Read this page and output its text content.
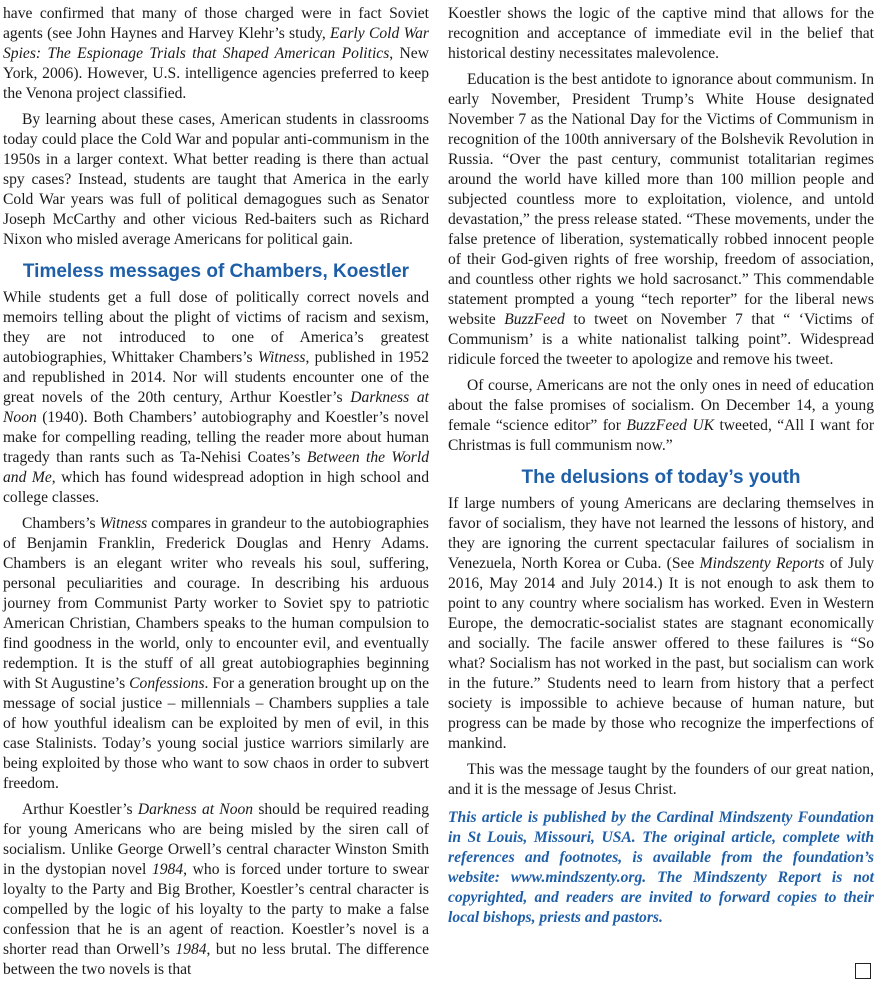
have confirmed that many of those charged were in fact Soviet agents (see John Haynes and Harvey Klehr’s study, Early Cold War Spies: The Espionage Trials that Shaped American Politics, New York, 2006). However, U.S. intelligence agencies preferred to keep the Venona project classified.

By learning about these cases, American students in classrooms today could place the Cold War and popular anti-communism in the 1950s in a larger context. What better reading is there than actual spy cases? Instead, students are taught that America in the early Cold War years was full of political demagogues such as Senator Joseph McCarthy and other vicious Red-baiters such as Richard Nixon who misled average Americans for political gain.

Timeless messages of Chambers, Koestler

While students get a full dose of politically correct novels and memoirs telling about the plight of victims of racism and sexism, they are not introduced to one of America’s greatest autobiographies, Whittaker Chambers’s Witness, published in 1952 and republished in 2014. Nor will students encounter one of the great novels of the 20th century, Arthur Koestler’s Darkness at Noon (1940). Both Chambers’ autobiography and Koestler’s novel make for compelling reading, telling the reader more about human tragedy than rants such as Ta-Nehisi Coates’s Between the World and Me, which has found widespread adoption in high school and college classes.

Chambers’s Witness compares in grandeur to the autobiographies of Benjamin Franklin, Frederick Douglas and Henry Adams. Chambers is an elegant writer who reveals his soul, suffering, personal peculiarities and courage. In describing his arduous journey from Communist Party worker to Soviet spy to patriotic American Christian, Chambers speaks to the human compulsion to find goodness in the world, only to encounter evil, and eventually redemption. It is the stuff of all great autobiographies beginning with St Augustine’s Confessions. For a generation brought up on the message of social justice – millennials – Chambers supplies a tale of how youthful idealism can be exploited by men of evil, in this case Stalinists. Today’s young social justice warriors similarly are being exploited by those who want to sow chaos in order to subvert freedom.

Arthur Koestler’s Darkness at Noon should be required reading for young Americans who are being misled by the siren call of socialism. Unlike George Orwell’s central character Winston Smith in the dystopian novel 1984, who is forced under torture to swear loyalty to the Party and Big Brother, Koestler’s central character is compelled by the logic of his loyalty to the party to make a false confession that he is an agent of reaction. Koestler’s novel is a shorter read than Orwell’s 1984, but no less brutal. The difference between the two novels is that

Koestler shows the logic of the captive mind that allows for the recognition and acceptance of immediate evil in the belief that historical destiny necessitates malevolence.

Education is the best antidote to ignorance about communism. In early November, President Trump’s White House designated November 7 as the National Day for the Victims of Communism in recognition of the 100th anniversary of the Bolshevik Revolution in Russia. “Over the past century, communist totalitarian regimes around the world have killed more than 100 million people and subjected countless more to exploitation, violence, and untold devastation,” the press release stated. “These movements, under the false pretence of liberation, systematically robbed innocent people of their God-given rights of free worship, freedom of association, and countless other rights we hold sacrosanct.” This commendable statement prompted a young “tech reporter” for the liberal news website BuzzFeed to tweet on November 7 that “ ‘Victims of Communism’ is a white nationalist talking point”. Widespread ridicule forced the tweeter to apologize and remove his tweet.

Of course, Americans are not the only ones in need of education about the false promises of socialism. On December 14, a young female “science editor” for BuzzFeed UK tweeted, “All I want for Christmas is full communism now.”

The delusions of today’s youth

If large numbers of young Americans are declaring themselves in favor of socialism, they have not learned the lessons of history, and they are ignoring the current spectacular failures of socialism in Venezuela, North Korea or Cuba. (See Mindszenty Reports of July 2016, May 2014 and July 2014.) It is not enough to ask them to point to any country where socialism has worked. Even in Western Europe, the democratic-socialist states are stagnant economically and socially. The facile answer offered to these failures is “So what? Socialism has not worked in the past, but socialism can work in the future.” Students need to learn from history that a perfect society is impossible to achieve because of human nature, but progress can be made by those who recognize the imperfections of mankind.

This was the message taught by the founders of our great nation, and it is the message of Jesus Christ.

This article is published by the Cardinal Mindszenty Foundation in St Louis, Missouri, USA. The original article, complete with references and footnotes, is available from the foundation’s website: www.mindszenty.org. The Mindszenty Report is not copyrighted, and readers are invited to forward copies to their local bishops, priests and pastors.
